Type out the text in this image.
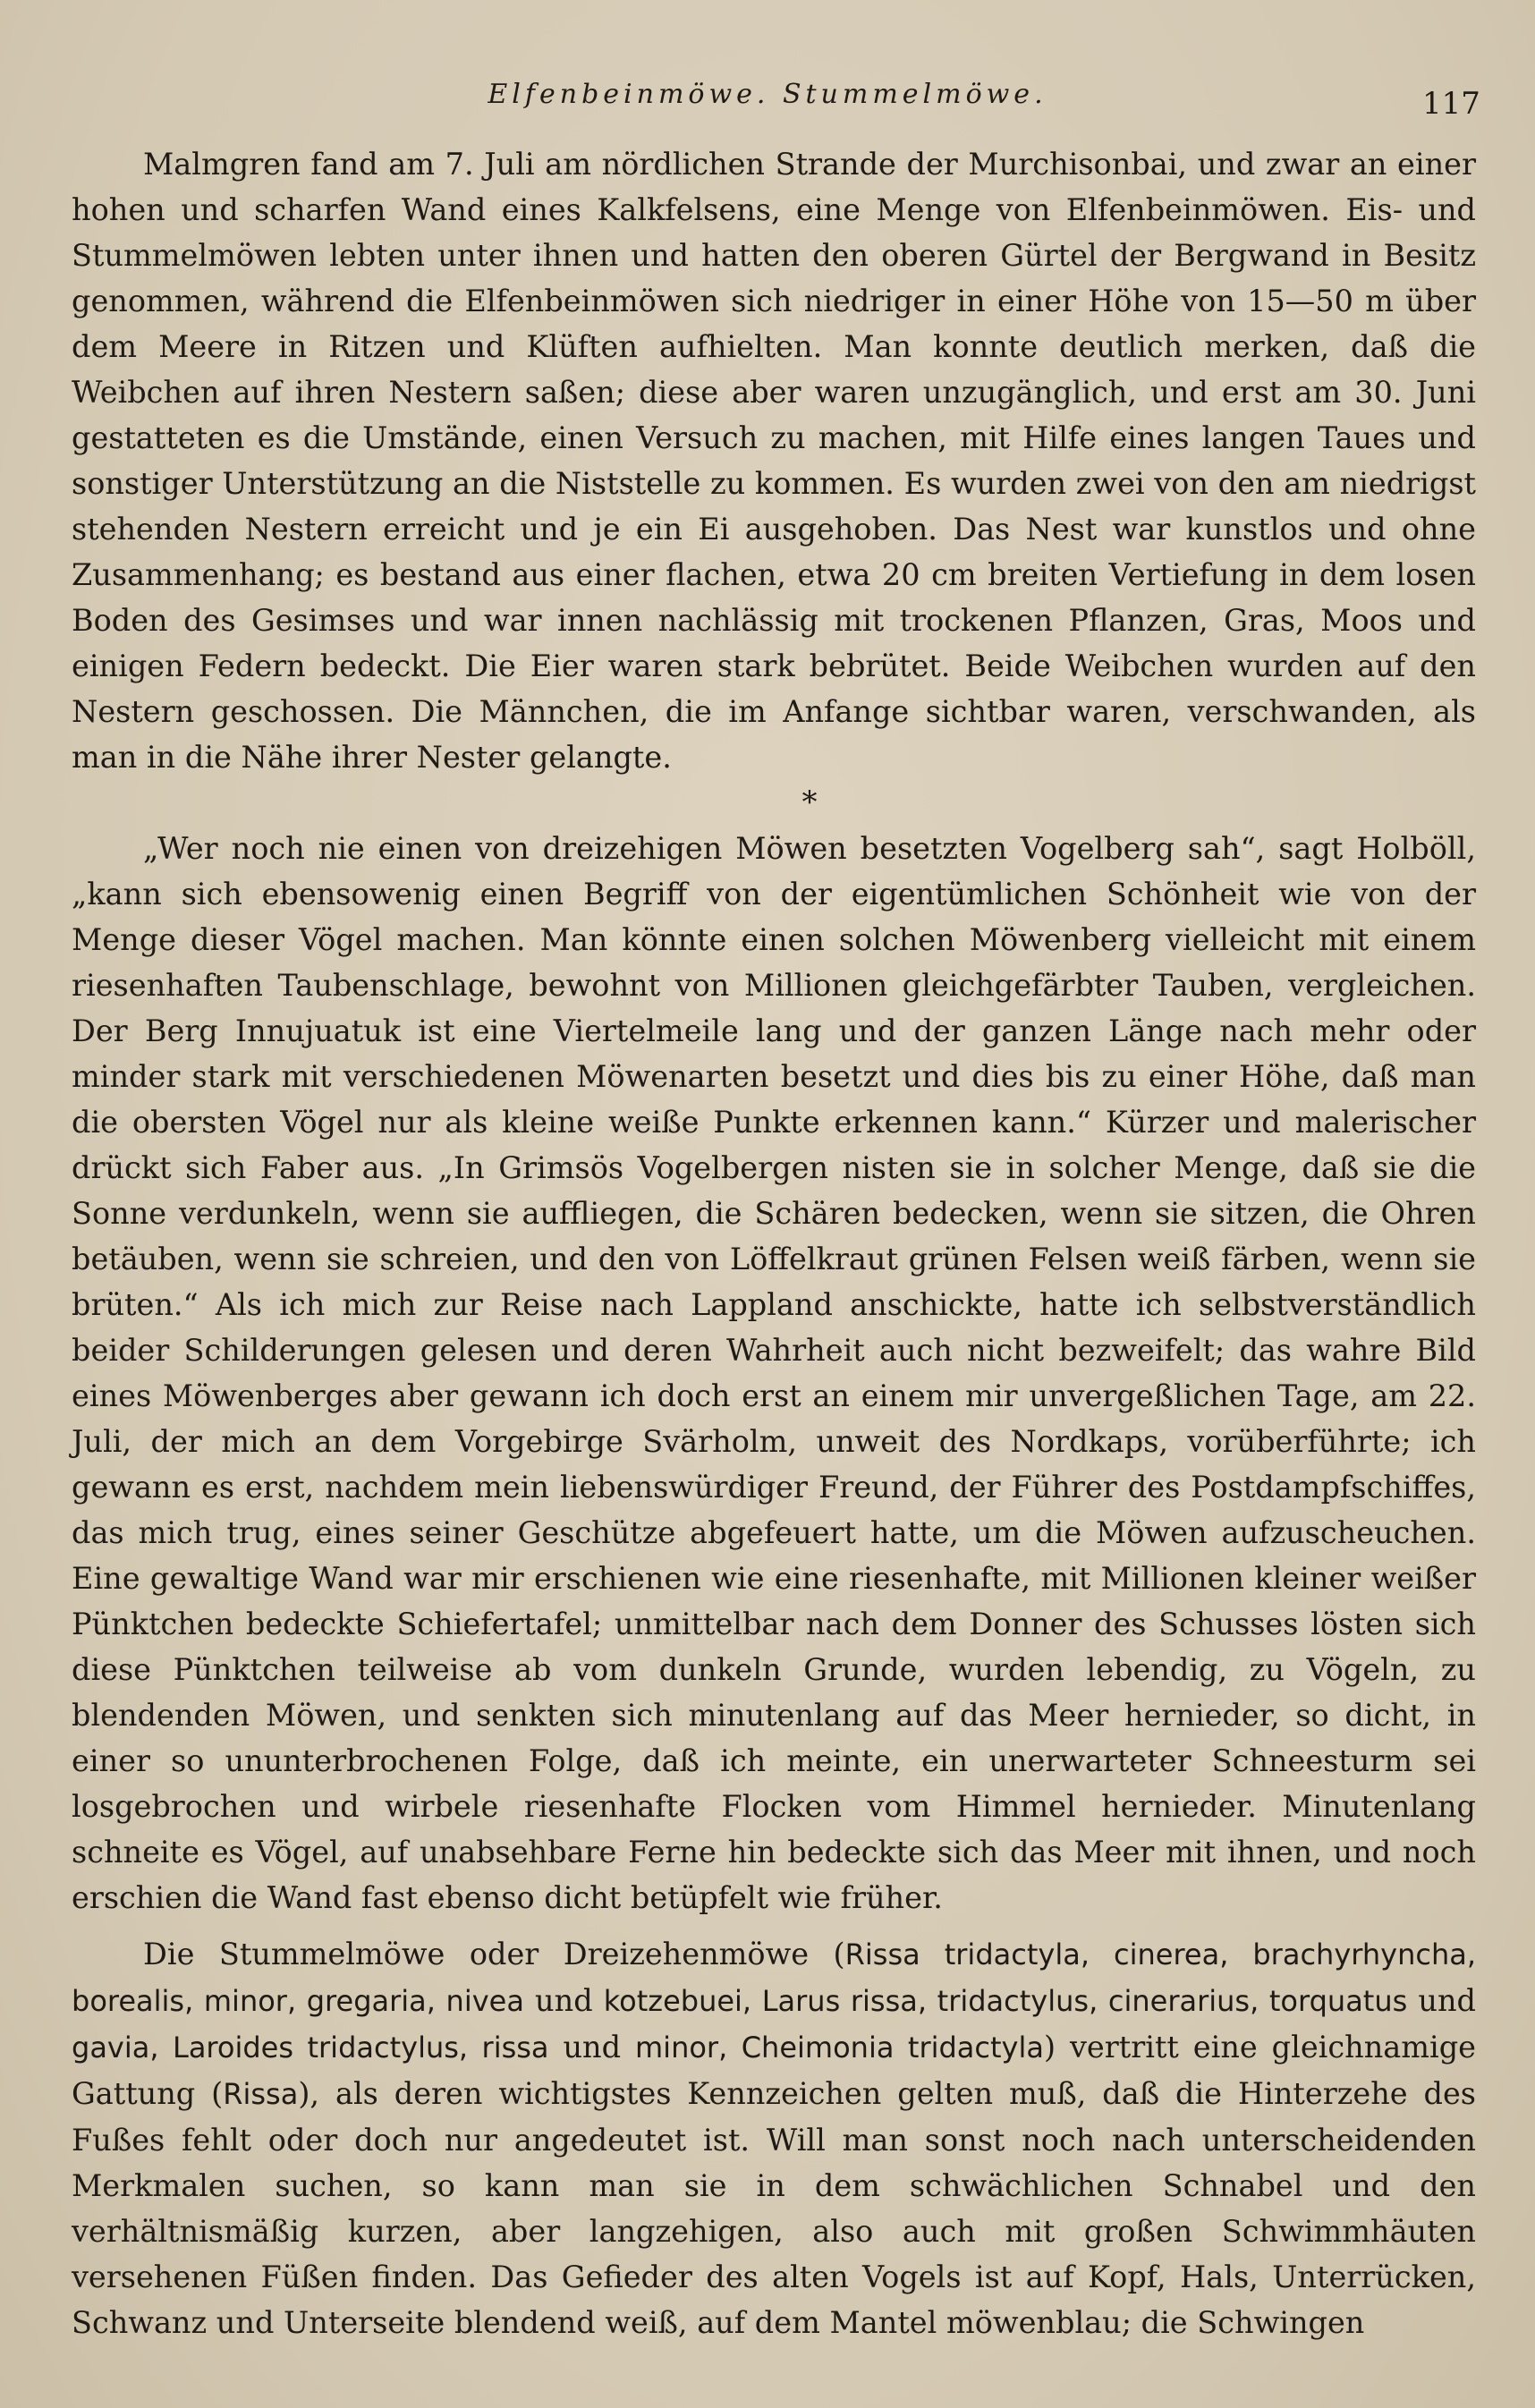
Elfenbeinmöwe. Stummelmöwe.	117

Malmgren fand am 7. Juli am nördlichen Strande der Murchisonbai, und zwar an einer hohen und scharfen Wand eines Kalkfelsens, eine Menge von Elfenbeinmöwen. Eis- und Stummelmöwen lebten unter ihnen und hatten den oberen Gürtel der Bergwand in Besitz genommen, während die Elfenbeinmöwen sich niedriger in einer Höhe von 15—50 m über dem Meere in Ritzen und Klüften aufhielten. Man konnte deutlich merken, daß die Weibchen auf ihren Nestern saßen; diese aber waren unzugänglich, und erst am 30. Juni gestatteten es die Umstände, einen Versuch zu machen, mit Hilfe eines langen Taues und sonstiger Unterstützung an die Niststelle zu kommen. Es wurden zwei von den am niedrigst stehenden Nestern erreicht und je ein Ei ausgehoben. Das Nest war kunstlos und ohne Zusammenhang; es bestand aus einer flachen, etwa 20 cm breiten Vertiefung in dem losen Boden des Gesimses und war innen nachlässig mit trockenen Pflanzen, Gras, Moos und einigen Federn bedeckt. Die Eier waren stark bebrütet. Beide Weibchen wurden auf den Nestern geschossen. Die Männchen, die im Anfange sichtbar waren, verschwanden, als man in die Nähe ihrer Nester gelangte.

*

„Wer noch nie einen von dreizehigen Möwen besetzten Vogelberg sah“, sagt Holböll, „kann sich ebensowenig einen Begriff von der eigentümlichen Schönheit wie von der Menge dieser Vögel machen. Man könnte einen solchen Möwenberg vielleicht mit einem riesenhaften Taubenschlage, bewohnt von Millionen gleichgefärbter Tauben, vergleichen. Der Berg Innujuatuk ist eine Viertelmeile lang und der ganzen Länge nach mehr oder minder stark mit verschiedenen Möwenarten besetzt und dies bis zu einer Höhe, daß man die obersten Vögel nur als kleine weiße Punkte erkennen kann.“ Kürzer und malerischer drückt sich Faber aus. „In Grimsös Vogelbergen nisten sie in solcher Menge, daß sie die Sonne verdunkeln, wenn sie auffliegen, die Schären bedecken, wenn sie sitzen, die Ohren betäuben, wenn sie schreien, und den von Löffelkraut grünen Felsen weiß färben, wenn sie brüten.“ Als ich mich zur Reise nach Lappland anschickte, hatte ich selbstverständlich beider Schilderungen gelesen und deren Wahrheit auch nicht bezweifelt; das wahre Bild eines Möwenberges aber gewann ich doch erst an einem mir unvergeßlichen Tage, am 22. Juli, der mich an dem Vorgebirge Svärholm, unweit des Nordkaps, vorüberführte; ich gewann es erst, nachdem mein liebenswürdiger Freund, der Führer des Postdampfschiffes, das mich trug, eines seiner Geschütze abgefeuert hatte, um die Möwen aufzuscheuchen. Eine gewaltige Wand war mir erschienen wie eine riesenhafte, mit Millionen kleiner weißer Pünktchen bedeckte Schiefertafel; unmittelbar nach dem Donner des Schusses lösten sich diese Pünktchen teilweise ab vom dunkeln Grunde, wurden lebendig, zu Vögeln, zu blendenden Möwen, und senkten sich minutenlang auf das Meer hernieder, so dicht, in einer so ununterbrochenen Folge, daß ich meinte, ein unerwarteter Schneesturm sei losgebrochen und wirbele riesenhafte Flocken vom Himmel hernieder. Minutenlang schneite es Vögel, auf unabsehbare Ferne hin bedeckte sich das Meer mit ihnen, und noch erschien die Wand fast ebenso dicht betüpfelt wie früher.

Die Stummelmöwe oder Dreizehenmöwe (Rissa tridactyla, cinerea, brachyrhyncha, borealis, minor, gregaria, nivea und kotzebuei, Larus rissa, tridactylus, cinerarius, torquatus und gavia, Laroides tridactylus, rissa und minor, Cheimonia tridactyla) vertritt eine gleichnamige Gattung (Rissa), als deren wichtigstes Kennzeichen gelten muß, daß die Hinterzehe des Fußes fehlt oder doch nur angedeutet ist. Will man sonst noch nach unterscheidenden Merkmalen suchen, so kann man sie in dem schwächlichen Schnabel und den verhältnismäßig kurzen, aber langzehigen, also auch mit großen Schwimmhäuten versehenen Füßen finden. Das Gefieder des alten Vogels ist auf Kopf, Hals, Unterrücken, Schwanz und Unterseite blendend weiß, auf dem Mantel möwenblau; die Schwingen
